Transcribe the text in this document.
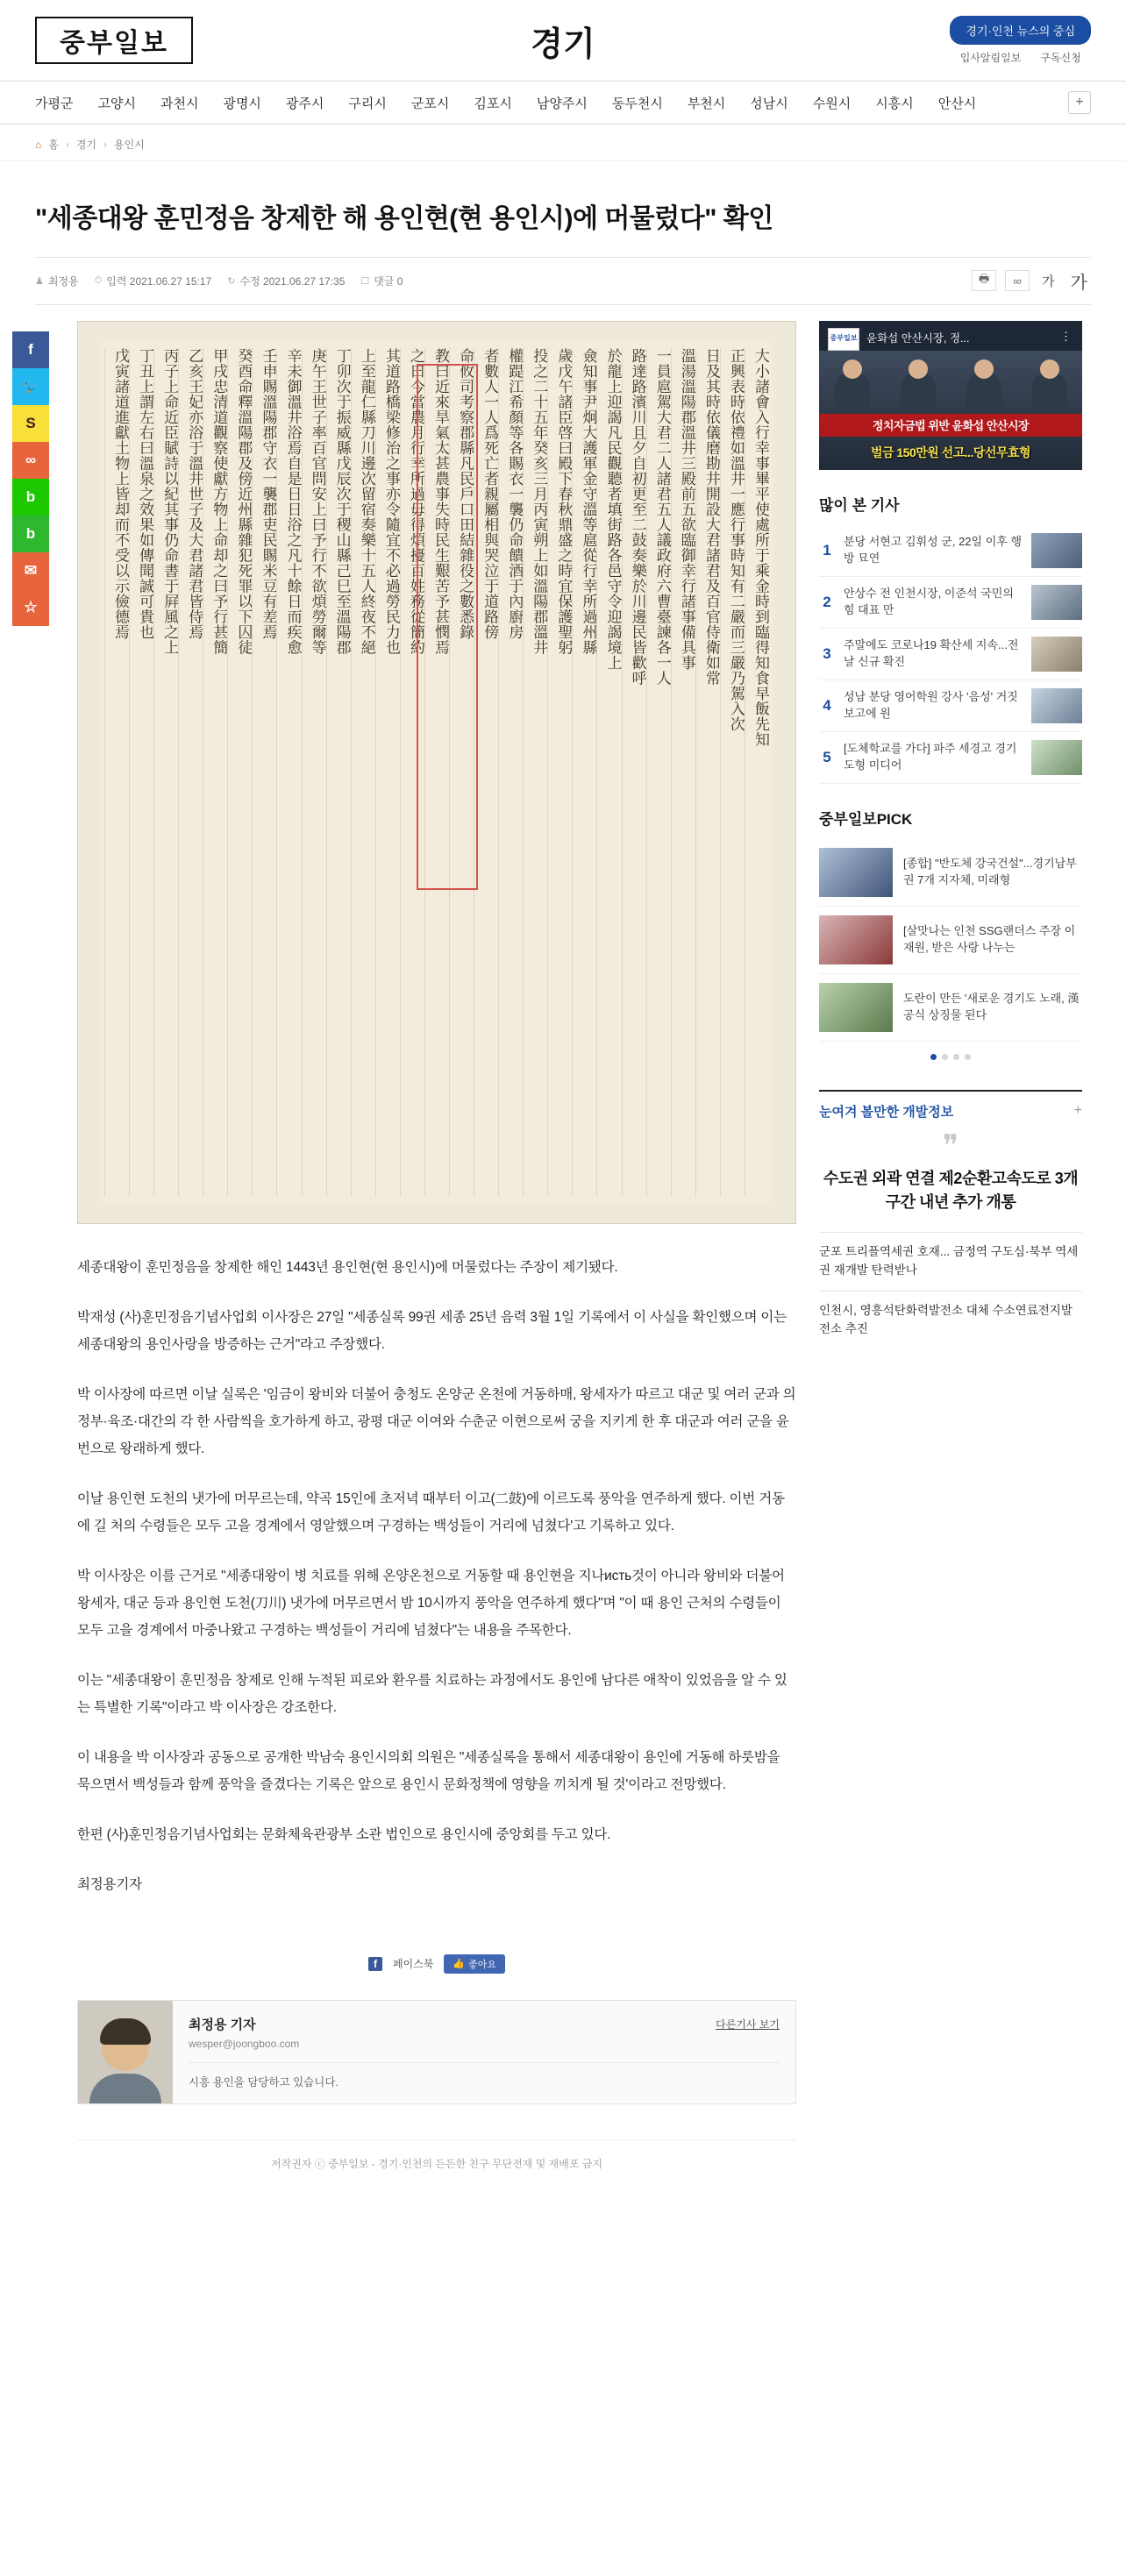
중부일보	경기	경기·인천 뉴스의 중심
입사알림일보 구독신청
가평군 고양시 과천시 광명시 광주시 구리시 군포시 김포시 남양주시 동두천시 부천시 성남시 수원시 시흥시 안산시	+
⌂ 홈 › 경기 › 용인시
"세종대왕 훈민정음 창제한 해 용인현(현 용인시)에 머물렀다" 확인
♟ 최정용 ⏱ 입력 2021.06.27 15:17 ↻ 수정 2021.06.27 17:35 ☐ 댓글 0	🖶	∞	가 가
f
🐦
S
∞
b
b
✉
☆	大小諸會入行幸事畢平使處所于乘金時到臨得知食早飯先知
正興表時依禮如溫井一應行事時知有二嚴而三嚴乃駕入次
日及其時依儀磨勘井開設大君諸君及百官侍衛如常
溫湯溫陽郡溫井三殿前五欲臨御幸行諸事備具事
一員扈駕大君二人諸君五人議政府六曹臺諫各一人
路達路濱川且夕自初更至二鼓奏樂於川邊民皆歡呼
於龍上迎謁凡民觀聽者填街路各邑守令迎謁境上
僉知事尹炯大護軍金守溫等扈從行幸所過州縣
歲戊午諸臣啓曰殿下春秋鼎盛之時宜保護聖躬
投之二十五年癸亥三月丙寅朔上如溫陽郡溫井
權踶江希顏等各賜衣一襲仍命饋酒于內廚房
者數人一人爲死亡者親屬相與哭泣于道路傍
命攸司考察郡縣凡民戶口田結雜役之數悉錄
教曰近來旱氣太甚農事失時民生艱苦予甚憫焉
之曰今當農月行幸所過毋得煩擾百姓務從簡約
其道路橋梁修治之事亦令隨宜不必過勞民力也
上至龍仁縣刀川邊次留宿奏樂十五人終夜不絕
丁卯次于振威縣戊辰次于稷山縣己巳至溫陽郡
庚午王世子率百官問安上曰予行不欲煩勞爾等
辛未御溫井浴焉自是日日浴之凡十餘日而疾愈
壬申賜溫陽郡守衣一襲郡吏民賜米豆有差焉
癸酉命釋溫陽郡及傍近州縣雜犯死罪以下囚徒
甲戌忠清道觀察使獻方物上命却之曰予行甚簡
乙亥王妃亦浴于溫井世子及大君諸君皆侍焉
丙子上命近臣賦詩以紀其事仍命書于屛風之上
丁丑上謂左右曰溫泉之效果如傳聞誠可貴也
戊寅諸道進獻土物上皆却而不受以示儉德焉

세종대왕이 훈민정음을 창제한 해인 1443년 용인현(현 용인시)에 머물렀다는 주장이 제기됐다.

박재성 (사)훈민정음기념사업회 이사장은 27일 "세종실록 99권 세종 25년 음력 3월 1일 기록에서 이 사실을 확인했으며 이는 세종대왕의 용인사랑을 방증하는 근거"라고 주장했다.

박 이사장에 따르면 이날 실록은 '임금이 왕비와 더불어 충청도 온양군 온천에 거동하매, 왕세자가 따르고 대군 및 여러 군과 의정부·육조·대간의 각 한 사람씩을 호가하게 하고, 광평 대군 이여와 수춘군 이현으로써 궁을 지키게 한 후 대군과 여러 군을 윤번으로 왕래하게 했다.

이날 용인현 도천의 냇가에 머무르는데, 약곡 15인에 초저녁 때부터 이고(二鼓)에 이르도록 풍악을 연주하게 했다. 이번 거동에 길 처의 수령들은 모두 고을 경계에서 영알했으며 구경하는 백성들이 거리에 넘쳤다'고 기록하고 있다.

박 이사장은 이를 근거로 "세종대왕이 병 치료를 위해 온양온천으로 거동할 때 용인현을 지나исть것이 아니라 왕비와 더불어 왕세자, 대군 등과 용인현 도천(刀川) 냇가에 머무르면서 밤 10시까지 풍악을 연주하게 했다"며 "이 때 용인 근처의 수령들이 모두 고을 경계에서 마중나왔고 구경하는 백성들이 거리에 넘쳤다"는 내용을 주목한다.

이는 "세종대왕이 훈민정음 창제로 인해 누적된 피로와 환우를 치료하는 과정에서도 용인에 남다른 애착이 있었음을 알 수 있는 특별한 기록"이라고 박 이사장은 강조한다.

이 내용을 박 이사장과 공동으로 공개한 박남숙 용인시의회 의원은 "세종실록을 통해서 세종대왕이 용인에 거동해 하룻밤을 묵으면서 백성들과 함께 풍악을 즐겼다는 기록은 앞으로 용인시 문화정책에 영향을 끼치게 될 것'이라고 전망했다.

한편 (사)훈민정음기념사업회는 문화체육관광부 소관 법인으로 용인시에 중앙회를 두고 있다.

최정용기자

f	페이스북 👍 좋아요
최정용 기자
wesper@joongboo.com
시흥 용인을 담당하고 있습니다.
다른기사 보기
저작권자 ⓒ 중부일보 - 경기·인천의 든든한 친구 무단전재 및 재배포 금지
중부일보 윤화섭 안산시장, 정...	⋮
정치자금법 위반 윤화섭 안산시장
벌금 150만원 선고...당선무효형
많이 본 기사
1
분당 서현고 김휘성 군, 22일 이후 행방 묘연
2
안상수 전 인천시장, 이준석 국민의힘 대표 만
3
주말에도 코로나19 확산세 지속...전날 신규 확진
4
성남 분당 영어학원 강사 '음성' 거짓 보고에 원
5
[도체학교를 가다] 파주 세경고 경기도형 미디어
중부일보PICK
[종합] "반도체 강국건설"...경기남부권 7개 지자체, 미래형
[살맛나는 인천 SSG랜더스 주장 이재원, 받은 사랑 나누는
도란이 만든 '새로운 경기도 노래, 漢 공식 상징물 된다
눈여겨 볼만한 개발정보	+
❞
수도권 외곽 연결 제2순환고속도로 3개 구간 내년 추가 개통
군포 트리플역세권 호재... 금정역 구도심·북부 역세권 재개발 탄력받나
인천시, 영흥석탄화력발전소 대체 수소연료전지발전소 추진
